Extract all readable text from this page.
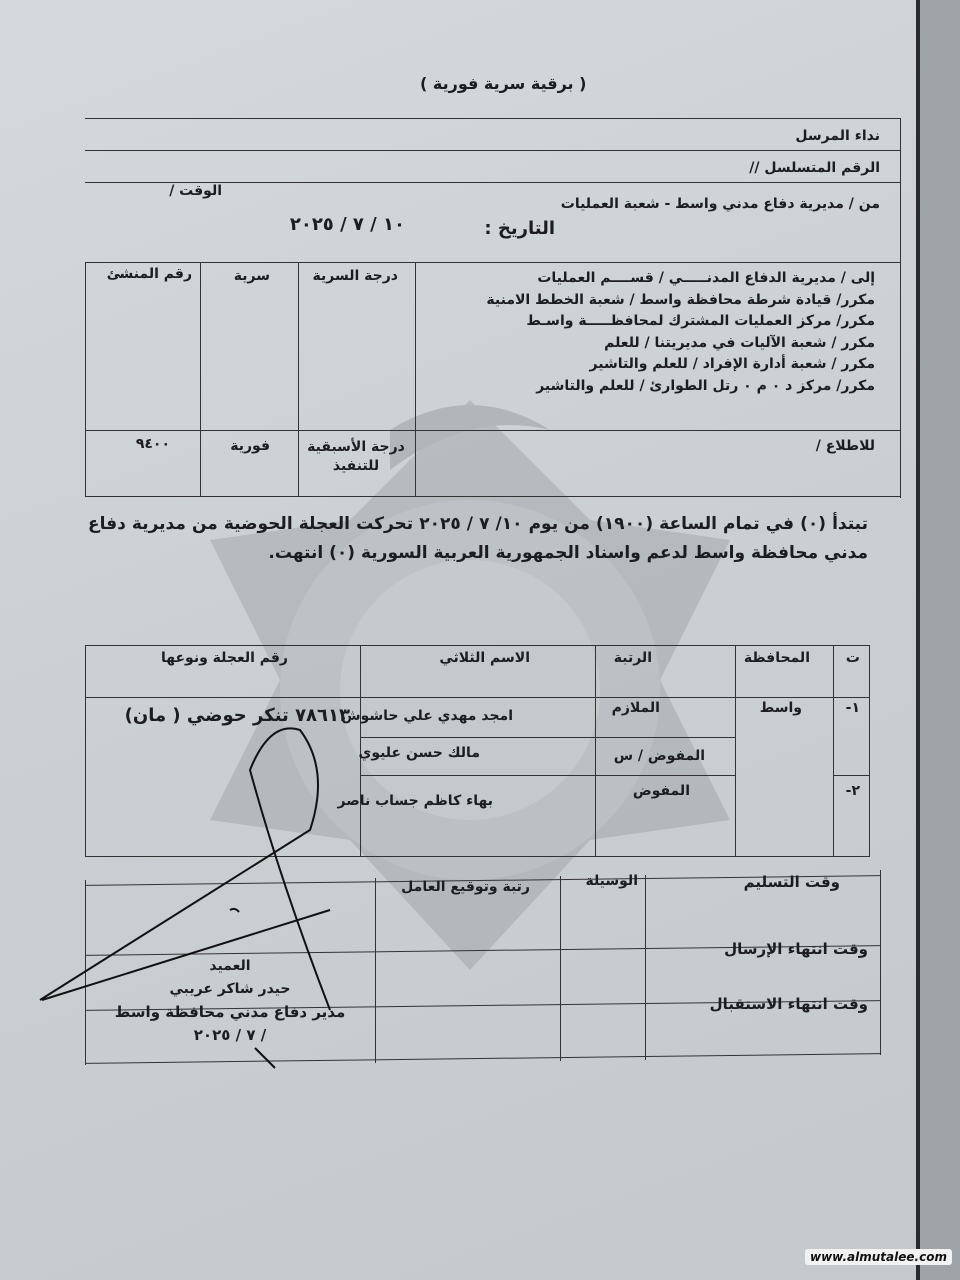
( برقية سرية فورية )
نداء المرسل
الرقم المتسلسل //
الوقت /
من / مديرية دفاع مدني واسط - شعبة العمليات
التاريخ :
١٠ / ٧ / ٢٠٢٥
إلى / مديرية الدفاع المدنـــــي / قســــم العمليات
مكرر/ قيادة شرطة محافظة واسط / شعبة الخطط الامنية
مكرر/ مركز العمليات المشترك لمحافظـــــة واسـط
مكرر / شعبة الآليات في مديريتنا / للعلم
مكرر / شعبة أدارة الإفراد / للعلم والتاشير
مكرر/ مركز د ٠ م ٠ رتل الطوارئ / للعلم والتاشير
درجة السرية
سرية
رقم المنشئ
للاطلاع /
درجة الأسبقية للتنفيذ
فورية
٩٤٠٠
تبتدأ (٠) في تمام الساعة (١٩٠٠) من يوم ١٠/ ٧ / ٢٠٢٥ تحركت العجلة الحوضية من مديرية دفاع مدني محافظة واسط لدعم واسناد الجمهورية العربية السورية (٠) انتهت.
ت
المحافظة
الرتبة
الاسم الثلاثي
رقم العجلة ونوعها
١-
واسط
الملازم
امجد مهدي علي حاشوش
٧٨٦١٣ تنكر حوضي ( مان)
المفوض / س
مالك حسن عليوي
٢-
المفوض
بهاء كاظم جساب ناصر
وقت التسليم
الوسيلة
رتبة وتوقيع العامل
وقت انتهاء الإرسال
وقت انتهاء الاستقبال
العميد
حيدر شاكر عريبي
مدير دفاع مدني محافظة واسط
/ ٧ / ٢٠٢٥
www.almutalee.com
